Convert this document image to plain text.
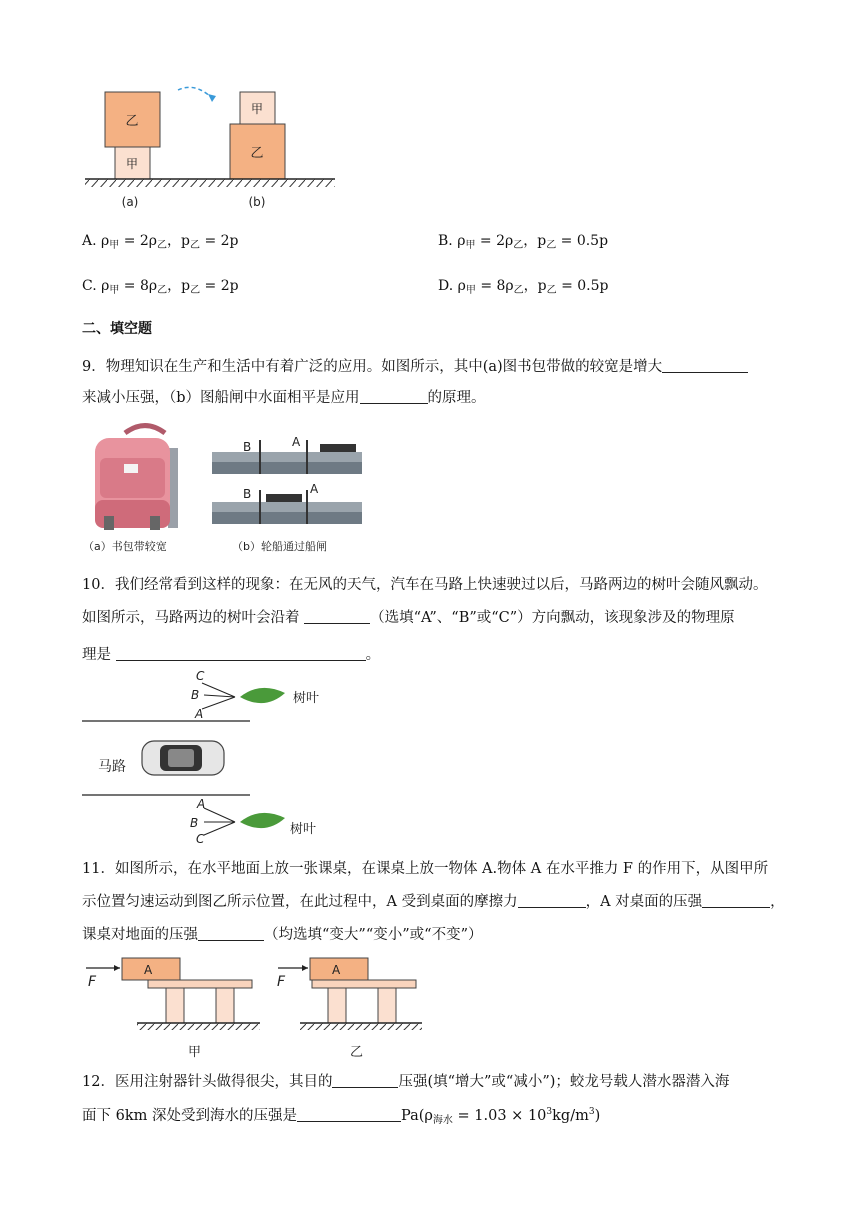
乙
甲
甲
乙
(a)	(b)
A. $\rho_甲 = 2\rho_乙$，$p_乙 = 2p$	B. $\rho_甲 = 2\rho_乙$，$p_乙 = 0.5p$
C. $\rho_甲 = 8\rho_乙$，$p_乙 = 2p$	D. $\rho_甲 = 8\rho_乙$，$p_乙 = 0.5p$
二、填空题
9．物理知识在生产和生活中有着广泛的应用。如图所示，其中(a)图书包带做的较宽是增大
来减小压强，（b）图船闸中水面相平是应用	的原理。
（a）书包带较宽
B	A
B	A
（b）轮船通过船闸
10．我们经常看到这样的现象：在无风的天气，汽车在马路上快速驶过以后，马路两边的树叶会随风飘动。
如图所示，马路两边的树叶会沿着	（选填“A”、“B”或“C”）方向飘动，该现象涉及的物理原
理是	。
C
B
A
树叶
马路
A
B
C
树叶
11．如图所示，在水平地面上放一张课桌，在课桌上放一物体 A.物体 A 在水平推力 F 的作用下，从图甲所
示位置匀速运动到图乙所示位置，在此过程中，A 受到桌面的摩擦力	，A 对桌面的压强	，
课桌对地面的压强	（均选填“变大”“变小”或“不变”）
F
A
甲
F
A
乙
12．医用注射器针头做得很尖，其目的	压强(填“增大”或“减小”)；蛟龙号载人潜水器潜入海
面下 6km 深处受到海水的压强是	$Pa(\rho_{海水} = 1.03 \times 10^3kg/m^3)$
